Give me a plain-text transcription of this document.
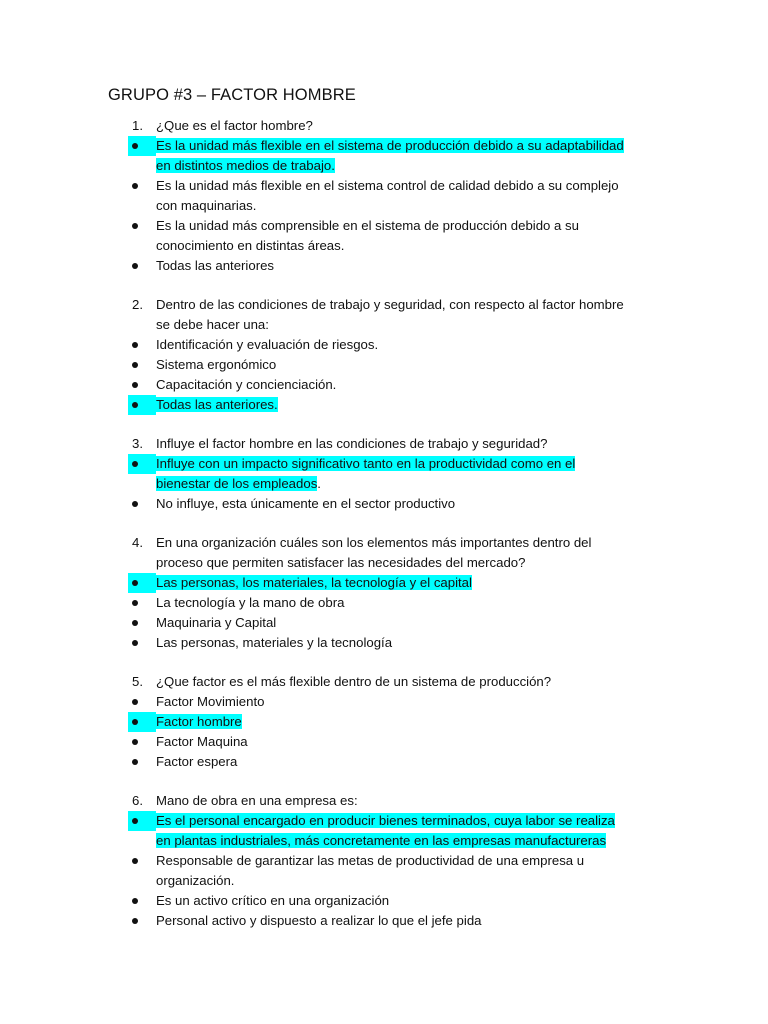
GRUPO #3 – FACTOR HOMBRE
1. ¿Que es el factor hombre?
Es la unidad más flexible en el sistema de producción debido a su adaptabilidad
en distintos medios de trabajo.
Es la unidad más flexible en el sistema control de calidad debido a su complejo
con maquinarias.
Es la unidad más comprensible en el sistema de producción debido a su
conocimiento en distintas áreas.
Todas las anteriores
2. Dentro de las condiciones de trabajo y seguridad, con respecto al factor hombre
se debe hacer una:
Identificación y evaluación de riesgos.
Sistema ergonómico
Capacitación y concienciación.
Todas las anteriores.
3. Influye el factor hombre en las condiciones de trabajo y seguridad?
Influye con un impacto significativo tanto en la productividad como en el
bienestar de los empleados.
No influye, esta únicamente en el sector productivo
4. En una organización cuáles son los elementos más importantes dentro del
proceso que permiten satisfacer las necesidades del mercado?
Las personas, los materiales, la tecnología y el capital
La tecnología y la mano de obra
Maquinaria y Capital
Las personas, materiales y la tecnología
5. ¿Que factor es el más flexible dentro de un sistema de producción?
Factor Movimiento
Factor hombre
Factor Maquina
Factor espera
6. Mano de obra en una empresa es:
Es el personal encargado en producir bienes terminados, cuya labor se realiza
en plantas industriales, más concretamente en las empresas manufactureras
Responsable de garantizar las metas de productividad de una empresa u
organización.
Es un activo crítico en una organización
Personal activo y dispuesto a realizar lo que el jefe pida
